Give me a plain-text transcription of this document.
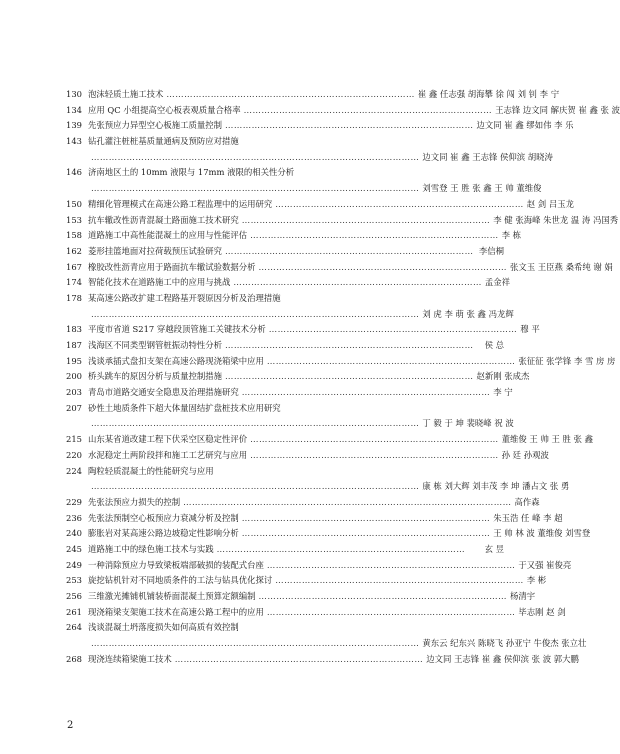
130 泡沫轻质土施工技术 ………………………………………………………………………… 崔 鑫 任志强 胡海攀 徐 闯 刘 钊 李 宁
134 应用 QC 小组提高空心板表观质量合格率 ………………………………………………………………………… 王志锋 边文同 解庆贺 崔 鑫 张 波
139 先张预应力异型空心板施工质量控制 ………………………………………………………………………… 边文同 崔 鑫 缪如伟 李 乐
143 钻孔灌注桩桩基质量通病及预防应对措施
………………………………………………………………………………………………… 边文同 崔 鑫 王志锋 侯仰滨 胡晓涛
146 济南地区土的 10mm 液限与 17mm 液限的相关性分析
………………………………………………………………………………………………… 刘雪登 王 胜 张 鑫 王 帅 董维俊
150 精细化管理模式在高速公路工程监理中的运用研究 ………………………………………………………………………… 赵 剑 吕玉龙
153 抗车辙改性沥青混凝土路面施工技术研究 ………………………………………………………………………… 李 健 张海峰 朱世龙 温 涛 冯国秀
158 道路施工中高性能混凝土的应用与性能评估 ………………………………………………………………………… 李 栋
162 菱形挂篮地面对拉荷载预压试验研究 ………………………………………………………………………… 李信桐
167 橡胶改性沥青应用于路面抗车辙试验数据分析 ………………………………………………………………………… 张文玉 王臣燕 桑希纯 谢 娟
174 智能化技术在道路施工中的应用与挑战 ………………………………………………………………………… 孟金祥
178 某高速公路改扩建工程路基开裂原因分析及治理措施
………………………………………………………………………………………………… 刘 虎 李 萌 张 鑫 冯龙辉
183 平度市省道 S217 穿越段顶管施工关键技术分析 ………………………………………………………………………… 穆 平
187 浅海区不同类型钢管桩振动特性分析 …………………………………………………………………………	侯 总
195 浅谈承插式盘扣支架在高速公路现浇箱梁中应用 ………………………………………………………………………… 张征征 张学锋 李 雪 房 房
200 桥头跳车的原因分析与质量控制措施 ………………………………………………………………………… 赵新刚 张成杰
203 青岛市道路交通安全隐患及治理措施研究 ………………………………………………………………………… 李 宁
207 砂性土地质条件下超大体量固结扩盘桩技术应用研究
………………………………………………………………………………………………… 丁 毅 于 坤 裴晓峰 祝 波
215 山东某省道改建工程下伏采空区稳定性评价 ………………………………………………………………………… 董维俊 王 帅 王 胜 张 鑫
220 水泥稳定土两阶段拌和施工工艺研究与应用 ………………………………………………………………………… 孙 廷 孙观波
224 陶粒轻质混凝土的性能研究与应用
………………………………………………………………………………………………… 康 栋 刘大辉 刘丰茂 李 坤 潘占文 张 勇
229 先张法预应力损失的控制 ………………………………………………………………………………………………… 高作森
236 先张法预制空心板预应力衰减分析及控制 ………………………………………………………………………… 朱玉浩 任 峰 李 超
240 膨胀岩对某高速公路边坡稳定性影响分析 ………………………………………………………………………… 王 帅 林 波 董维俊 刘雪登
245 道路施工中的绿色施工技术与实践 …………………………………………………………………………	玄 昱
249 一种消除预应力导致梁板端部破损的装配式台座 ………………………………………………………………………… 于又强 崔俊亮
253 旋挖钻机针对不同地质条件的工法与钻具优化探讨 ………………………………………………………………………… 李 彬
256 三维激光摊铺机铺装桥面混凝土预算定额编制 ………………………………………………………………………… 杨清宇
261 现浇箱梁支架施工技术在高速公路工程中的应用 ………………………………………………………………………… 毕志刚 赵 剑
264 浅谈混凝土坍落度损失如何高质有效控制
………………………………………………………………………………………………… 黄东云 纪东兴 陈晓飞 孙亚宁 牛俊杰 张立壮
268 现浇连续箱梁施工技术 ………………………………………………………………………… 边文同 王志锋 崔 鑫 侯仰滨 张 波 郭大鹏
2
